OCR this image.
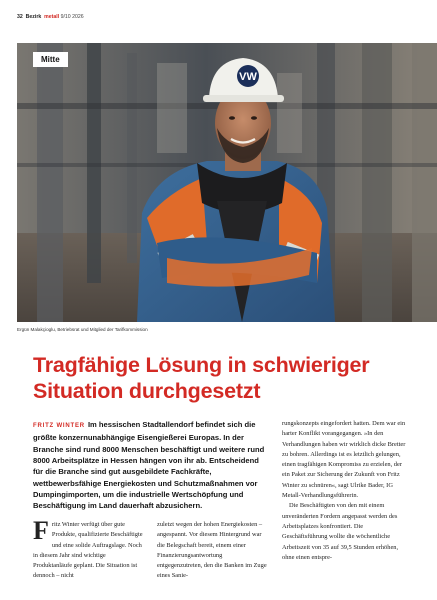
32 Bezirk metall 9/10 2026
VW
Mitte
Ergün Malakçioglu, Betriebsrat und Mitglied der Tarifkommission
Tragfähige Lösung in schwieriger Situation durchgesetzt

FRITZ WINTER Im hessischen Stadtallendorf befindet sich die größte konzernunabhängige Eisengießerei Europas. In der Branche sind rund 8000 Menschen beschäftigt und weitere rund 8000 Arbeitsplätze in Hessen hängen von ihr ab. Entscheidend für die Branche sind gut ausgebildete Fachkräfte, wettbewerbsfähige Energiekosten und Schutzmaßnahmen vor Dumpingimporten, um die industrielle Wertschöpfung und Beschäftigung im Land dauerhaft abzusichern.

Fritz Winter verfügt über gute Produkte, qualifizierte Beschäftigte und eine solide Auftragslage. Noch in diesem Jahr sind wichtige Produktanläufe geplant. Die Situation ist dennoch – nicht

zuletzt wegen der hohen Energiekosten – angespannt. Vor diesem Hintergrund war die Belegschaft bereit, einem einer Finanzierungsantwortung entgegenzutreten, den die Banken im Zuge eines Sanie-

rungskonzepts eingefordert hatten. Dem war ein harter Konflikt vorangegangen. »In den Verhandlungen haben wir wirklich dicke Bretter zu bohren. Allerdings ist es letztlich gelungen, einen tragfähigen Kompromiss zu erzielen, der ein Paket zur Sicherung der Zukunft von Fritz Winter zu schnüren«, sagt Ulrike Bader, IG Metall-Verhandlungsführerin.

Die Beschäftigten von den mit einem unveränderten Fordern angepasst werden des Arbeitsplatzes konfrontiert. Die Geschäftsführung wollte die wöchentliche Arbeitszeit von 35 auf 39,5 Stunden erhöhen, ohne einen entspre-
